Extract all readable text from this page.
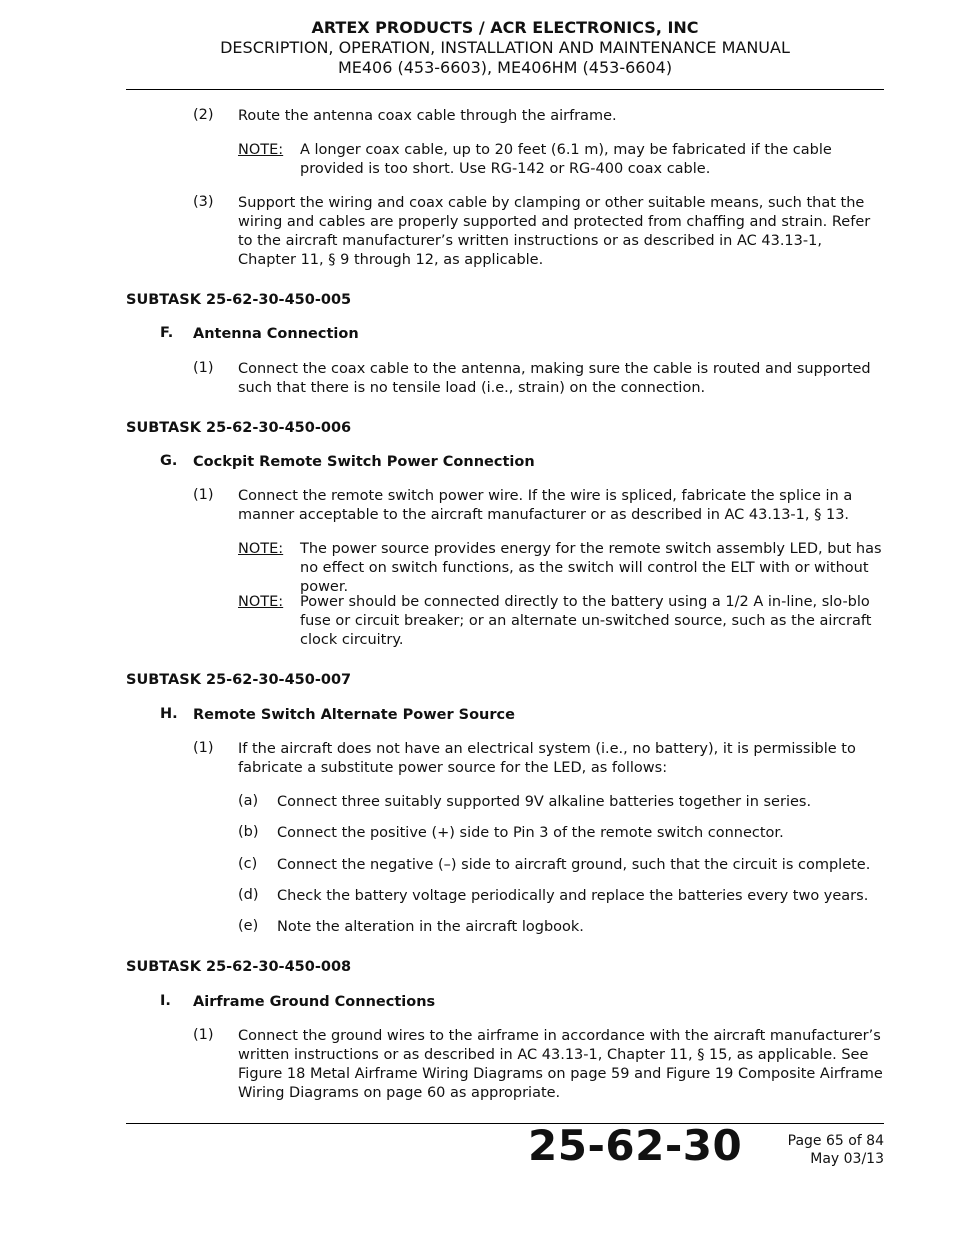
ARTEX PRODUCTS / ACR ELECTRONICS, INC
DESCRIPTION, OPERATION, INSTALLATION AND MAINTENANCE MANUAL
ME406 (453-6603), ME406HM (453-6604)
(2) Route the antenna coax cable through the airframe.
NOTE: A longer coax cable, up to 20 feet (6.1 m), may be fabricated if the cable provided is too short. Use RG-142 or RG-400 coax cable.
(3) Support the wiring and coax cable by clamping or other suitable means, such that the wiring and cables are properly supported and protected from chaffing and strain. Refer to the aircraft manufacturer’s written instructions or as described in AC 43.13-1, Chapter 11, § 9 through 12, as applicable.
SUBTASK 25-62-30-450-005
F. Antenna Connection
(1) Connect the coax cable to the antenna, making sure the cable is routed and supported such that there is no tensile load (i.e., strain) on the connection.
SUBTASK 25-62-30-450-006
G. Cockpit Remote Switch Power Connection
(1) Connect the remote switch power wire. If the wire is spliced, fabricate the splice in a manner acceptable to the aircraft manufacturer or as described in AC 43.13-1, § 13.
NOTE: The power source provides energy for the remote switch assembly LED, but has no effect on switch functions, as the switch will control the ELT with or without power.
NOTE: Power should be connected directly to the battery using a 1/2 A in-line, slo-blo fuse or circuit breaker; or an alternate un-switched source, such as the aircraft clock circuitry.
SUBTASK 25-62-30-450-007
H. Remote Switch Alternate Power Source
(1) If the aircraft does not have an electrical system (i.e., no battery), it is permissible to fabricate a substitute power source for the LED, as follows:
(a) Connect three suitably supported 9V alkaline batteries together in series.
(b) Connect the positive (+) side to Pin 3 of the remote switch connector.
(c) Connect the negative (–) side to aircraft ground, such that the circuit is complete.
(d) Check the battery voltage periodically and replace the batteries every two years.
(e) Note the alteration in the aircraft logbook.
SUBTASK 25-62-30-450-008
I. Airframe Ground Connections
(1) Connect the ground wires to the airframe in accordance with the aircraft manufacturer’s written instructions or as described in AC 43.13-1, Chapter 11, § 15, as applicable. See Figure 18 Metal Airframe Wiring Diagrams on page 59 and Figure 19 Composite Airframe Wiring Diagrams on page 60 as appropriate.
25-62-30	Page 65 of 84
May 03/13
